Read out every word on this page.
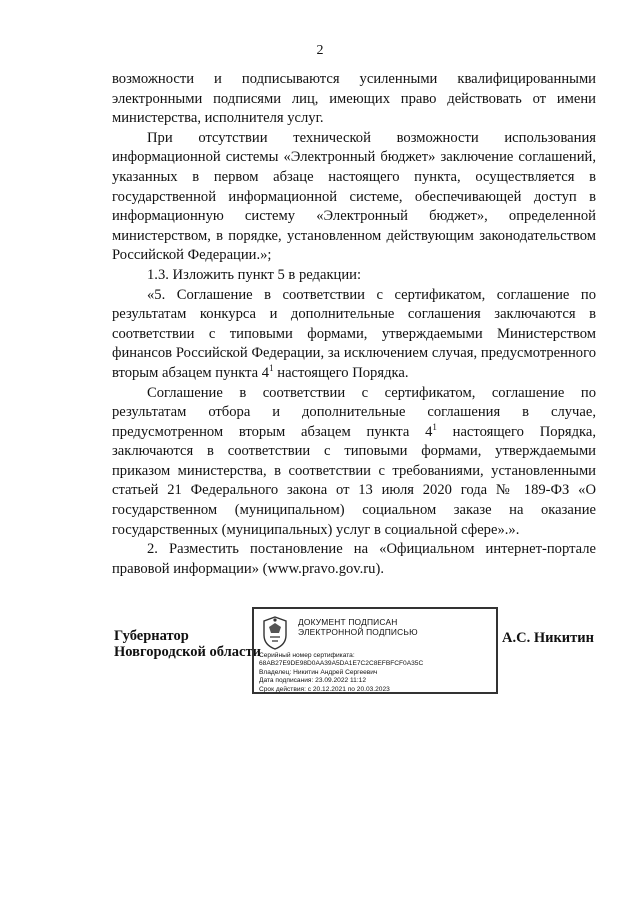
2

возможности и подписываются усиленными квалифицированными электронными подписями лиц, имеющих право действовать от имени министерства, исполнителя услуг.

При отсутствии технической возможности использования информационной системы «Электронный бюджет» заключение соглашений, указанных в первом абзаце настоящего пункта, осуществляется в государственной информационной системе, обеспечивающей доступ в информационную систему «Электронный бюджет», определенной министерством, в порядке, установленном действующим законодательством Российской Федерации.»;

1.3. Изложить пункт 5 в редакции:

«5. Соглашение в соответствии с сертификатом, соглашение по результатам конкурса и дополнительные соглашения заключаются в соответствии с типовыми формами, утверждаемыми Министерством финансов Российской Федерации, за исключением случая, предусмотренного вторым абзацем пункта $4^1$ настоящего Порядка.

Соглашение в соответствии с сертификатом, соглашение по результатам отбора и дополнительные соглашения в случае, предусмотренном вторым абзацем пункта $4^1$ настоящего Порядка, заключаются в соответствии с типовыми формами, утверждаемыми приказом министерства, в соответствии с требованиями, установленными статьей 21 Федерального закона от 13 июля 2020 года № 189-ФЗ «О государственном (муниципальном) социальном заказе на оказание государственных (муниципальных) услуг в социальной сфере».».

2. Разместить постановление на «Официальном интернет-портале правовой информации» (www.pravo.gov.ru).

Губернатор
Новгородской области
ДОКУМЕНТ ПОДПИСАН
ЭЛЕКТРОННОЙ ПОДПИСЬЮ
Серийный номер сертификата:
68AB27E9DE98D0AA39A5DA1E7C2C8EFBFCF0A35C
Владелец: Никитин Андрей Сергеевич
Дата подписания: 23.09.2022 11:12
Срок действия: с 20.12.2021 по 20.03.2023
А.С. Никитин
